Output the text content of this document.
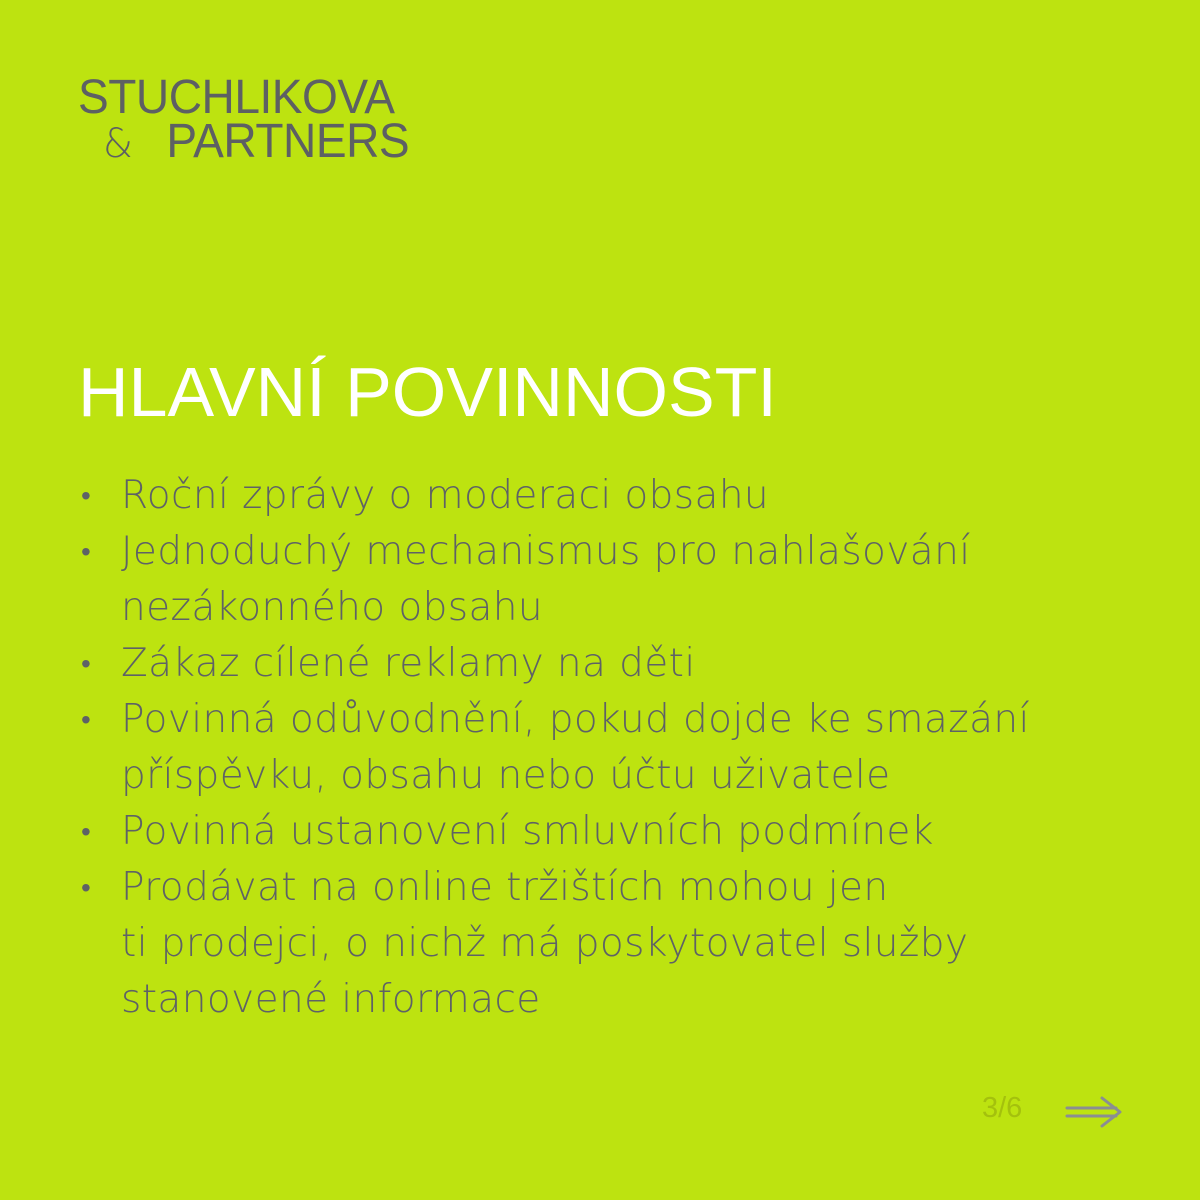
STUCHLIKOVA
& PARTNERS
HLAVNÍ POVINNOSTI
• Roční zprávy o moderaci obsahu
• Jednoduchý mechanismus pro nahlašování
nezákonného obsahu
• Zákaz cílené reklamy na děti
• Povinná odůvodnění, pokud dojde ke smazání
příspěvku, obsahu nebo účtu uživatele
• Povinná ustanovení smluvních podmínek
• Prodávat na online tržištích mohou jen
ti prodejci, o nichž má poskytovatel služby
stanovené informace
3/6
